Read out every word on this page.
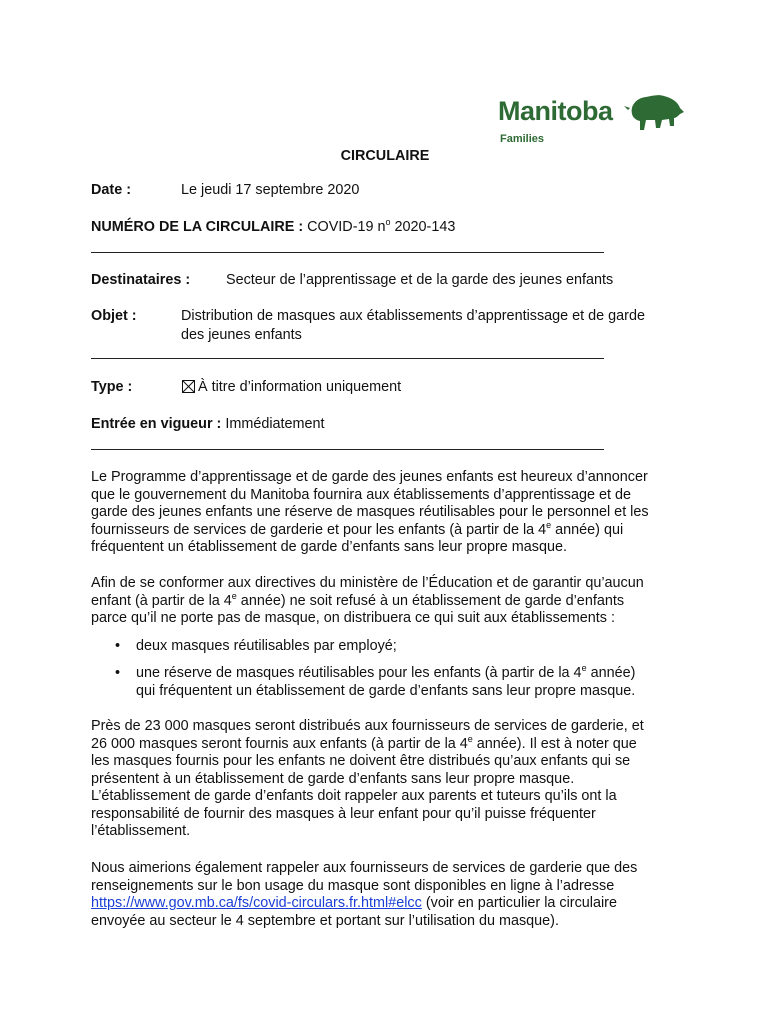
Manitoba
Families
CIRCULAIRE
Date :	Le jeudi 17 septembre 2020
NUMÉRO DE LA CIRCULAIRE : COVID-19 $n^o$ 2020-143
Destinataires : Secteur de l’apprentissage et de la garde des jeunes enfants
Objet :	Distribution de masques aux établissements d’apprentissage et de garde
des jeunes enfants
Type :	À titre d’information uniquement
Entrée en vigueur : Immédiatement
Le Programme d’apprentissage et de garde des jeunes enfants est heureux d’annoncer
que le gouvernement du Manitoba fournira aux établissements d’apprentissage et de
garde des jeunes enfants une réserve de masques réutilisables pour le personnel et les
fournisseurs de services de garderie et pour les enfants (à partir de la 4e année) qui
fréquentent un établissement de garde d’enfants sans leur propre masque.
Afin de se conformer aux directives du ministère de l’Éducation et de garantir qu’aucun
enfant (à partir de la 4e année) ne soit refusé à un établissement de garde d’enfants
parce qu’il ne porte pas de masque, on distribuera ce qui suit aux établissements :
• deux masques réutilisables par employé;
• une réserve de masques réutilisables pour les enfants (à partir de la 4e année)
qui fréquentent un établissement de garde d’enfants sans leur propre masque.
Près de 23 000 masques seront distribués aux fournisseurs de services de garderie, et
26 000 masques seront fournis aux enfants (à partir de la 4e année). Il est à noter que
les masques fournis pour les enfants ne doivent être distribués qu’aux enfants qui se
présentent à un établissement de garde d’enfants sans leur propre masque.
L’établissement de garde d’enfants doit rappeler aux parents et tuteurs qu’ils ont la
responsabilité de fournir des masques à leur enfant pour qu’il puisse fréquenter
l’établissement.
Nous aimerions également rappeler aux fournisseurs de services de garderie que des
renseignements sur le bon usage du masque sont disponibles en ligne à l’adresse
https://www.gov.mb.ca/fs/covid-circulars.fr.html#elcc (voir en particulier la circulaire
envoyée au secteur le 4 septembre et portant sur l’utilisation du masque).
